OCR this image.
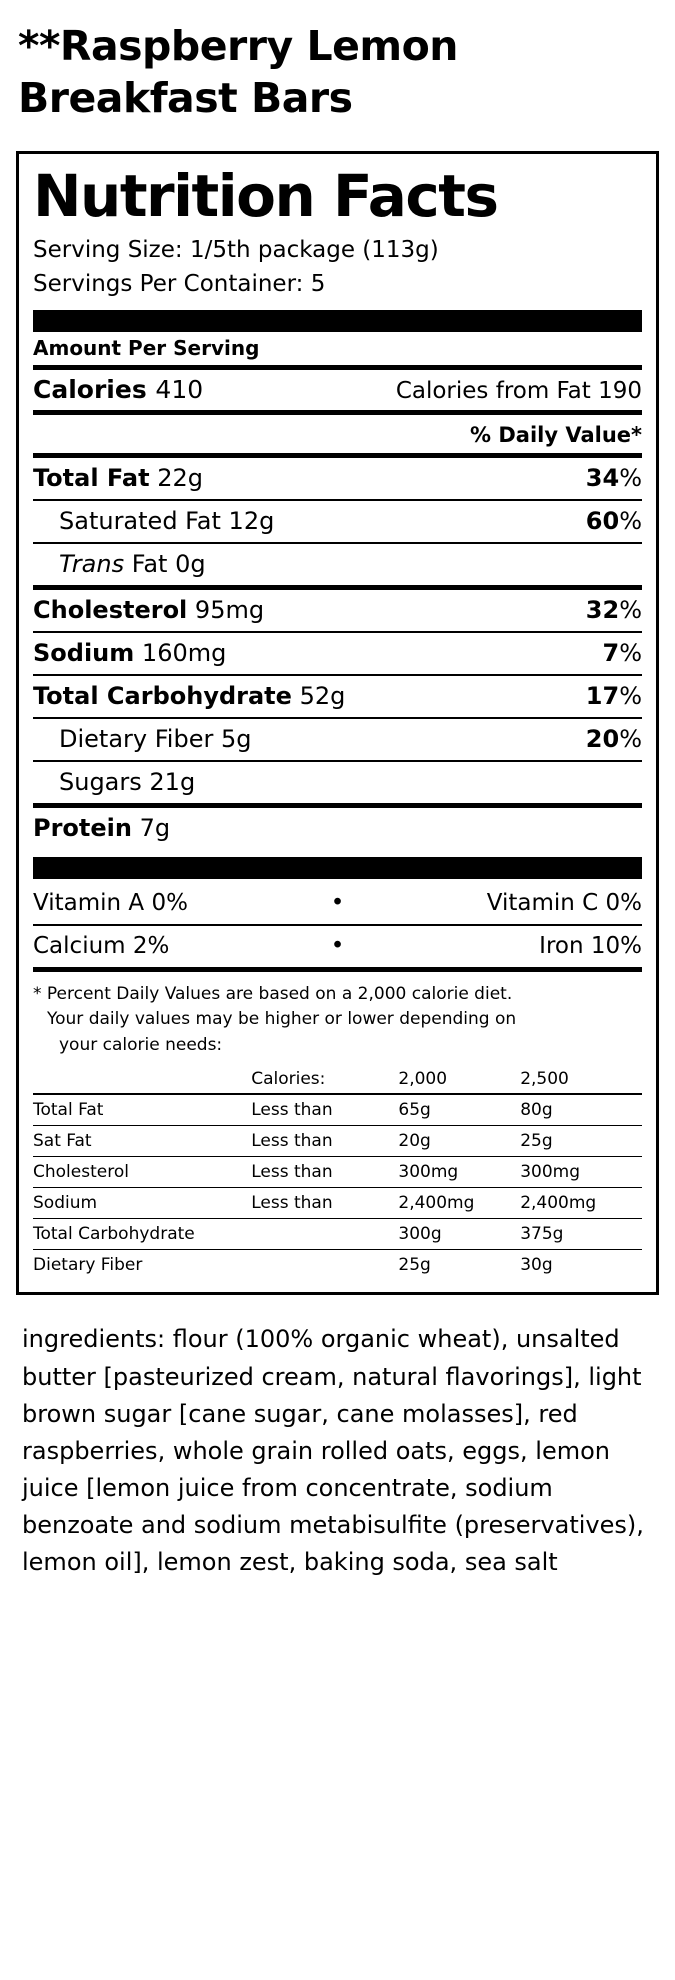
**Raspberry Lemon Breakfast Bars
Nutrition Facts
Serving Size: 1/5th package (113g)
Servings Per Container: 5
Amount Per Serving
Calories 410	Calories from Fat 190
% Daily Value*
Total Fat 22g	34%
Saturated Fat 12g	60%
Trans Fat 0g
Cholesterol 95mg	32%
Sodium 160mg	7%
Total Carbohydrate 52g	17%
Dietary Fiber 5g	20%
Sugars 21g
Protein 7g
Vitamin A 0%	•	Vitamin C 0%
Calcium 2%	•	Iron 10%
* Percent Daily Values are based on a 2,000 calorie diet.
Your daily values may be higher or lower depending on
your calorie needs:
	Calories:	2,000	2,500
Total Fat	Less than	65g	80g
Sat Fat	Less than	20g	25g
Cholesterol	Less than	300mg	300mg
Sodium	Less than	2,400mg	2,400mg
Total Carbohydrate		300g	375g
Dietary Fiber		25g	30g
ingredients: flour (100% organic wheat), unsalted butter [pasteurized cream, natural flavorings], light brown sugar [cane sugar, cane molasses], red raspberries, whole grain rolled oats, eggs, lemon juice [lemon juice from concentrate, sodium benzoate and sodium metabisulfite (preservatives), lemon oil], lemon zest, baking soda, sea salt
